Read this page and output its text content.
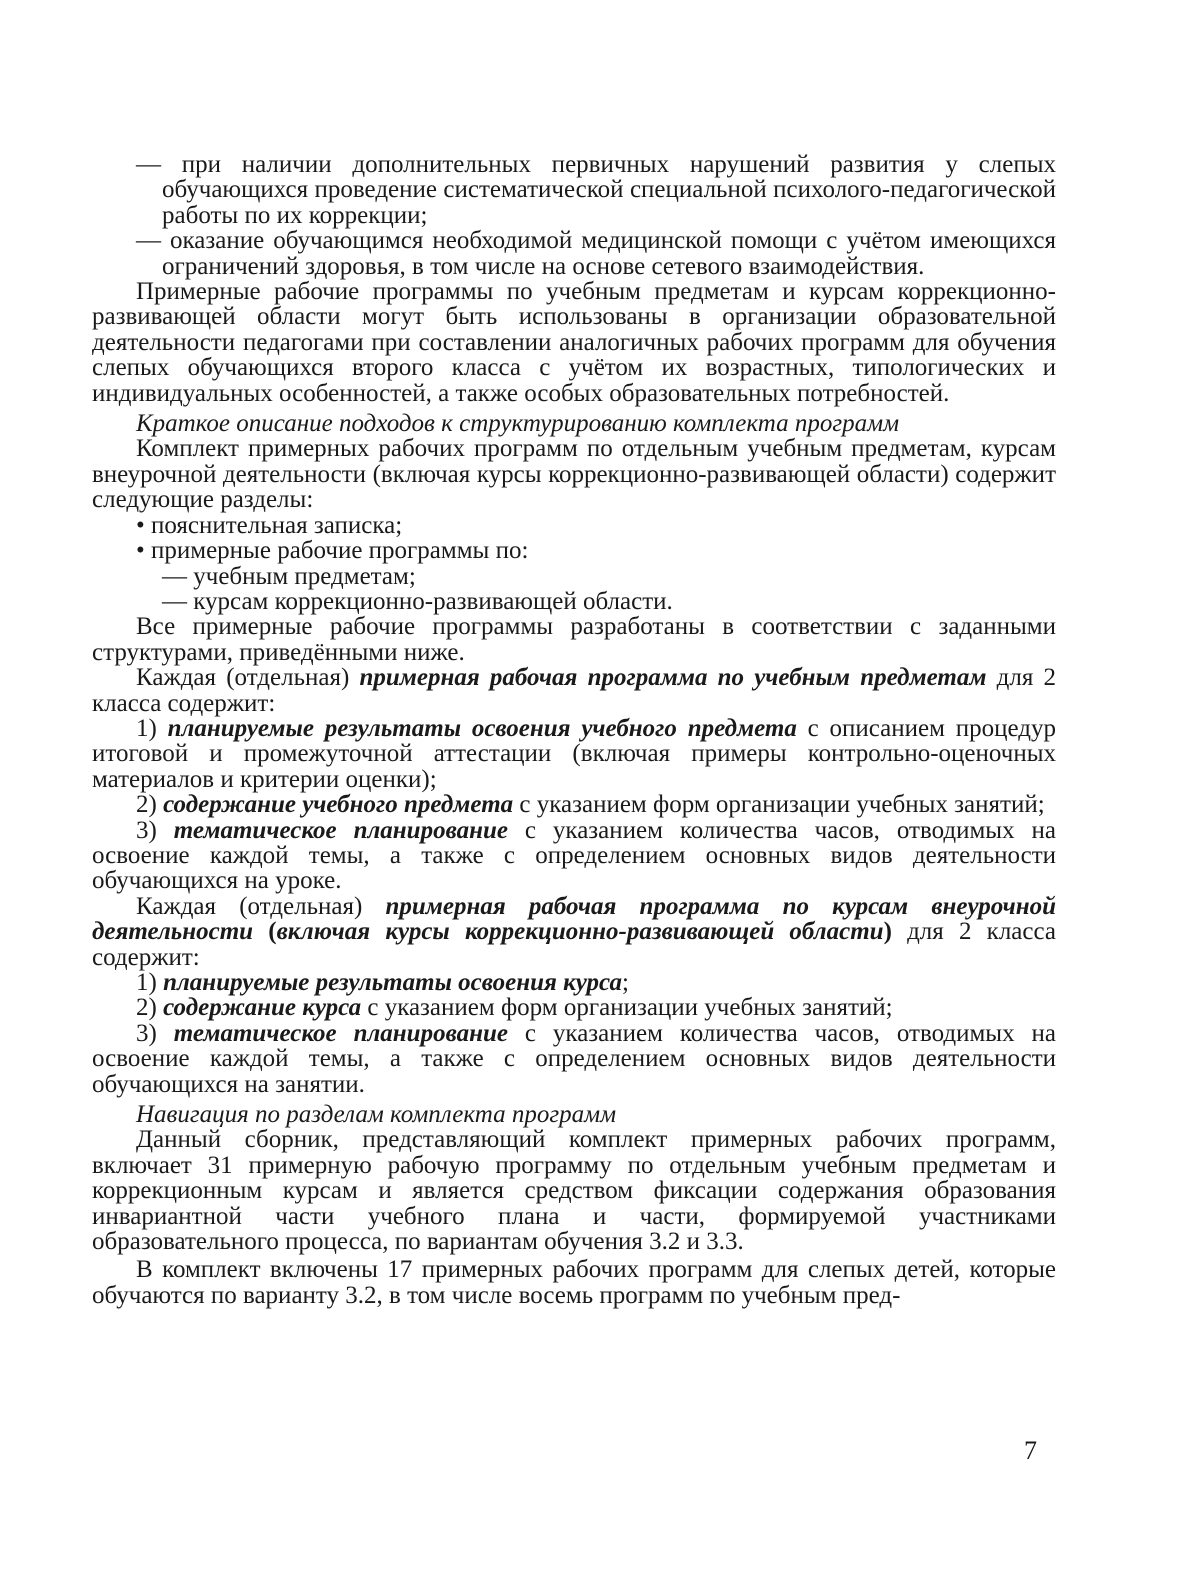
— при наличии дополнительных первичных нарушений развития у слепых обучающихся проведение систематической специальной психолого-педагогической работы по их коррекции;

— оказание обучающимся необходимой медицинской помощи с учётом имеющихся ограничений здоровья, в том числе на основе сетевого взаимодействия.

Примерные рабочие программы по учебным предметам и курсам коррекционно-развивающей области могут быть использованы в организации образовательной деятельности педагогами при составлении аналогичных рабочих программ для обучения слепых обучающихся второго класса с учётом их возрастных, типологических и индивидуальных особенностей, а также особых образовательных потребностей.

Краткое описание подходов к структурированию комплекта программ

Комплект примерных рабочих программ по отдельным учебным предметам, курсам внеурочной деятельности (включая курсы коррекционно-развивающей области) содержит следующие разделы:

• пояснительная записка;

• примерные рабочие программы по:

— учебным предметам;

— курсам коррекционно-развивающей области.

Все примерные рабочие программы разработаны в соответствии с заданными структурами, приведёнными ниже.

Каждая (отдельная) примерная рабочая программа по учебным предметам для 2 класса содержит:

1) планируемые результаты освоения учебного предмета с описанием процедур итоговой и промежуточной аттестации (включая примеры контрольно-оценочных материалов и критерии оценки);

2) содержание учебного предмета с указанием форм организации учебных занятий;

3) тематическое планирование с указанием количества часов, отводимых на освоение каждой темы, а также с определением основных видов деятельности обучающихся на уроке.

Каждая (отдельная) примерная рабочая программа по курсам внеурочной деятельности (включая курсы коррекционно-развивающей области) для 2 класса содержит:

1) планируемые результаты освоения курса;

2) содержание курса с указанием форм организации учебных занятий;

3) тематическое планирование с указанием количества часов, отводимых на освоение каждой темы, а также с определением основных видов деятельности обучающихся на занятии.

Навигация по разделам комплекта программ

Данный сборник, представляющий комплект примерных рабочих программ, включает 31 примерную рабочую программу по отдельным учебным предметам и коррекционным курсам и является средством фиксации содержания образования инвариантной части учебного плана и части, формируемой участниками образовательного процесса, по вариантам обучения 3.2 и 3.3.

В комплект включены 17 примерных рабочих программ для слепых детей, которые обучаются по варианту 3.2, в том числе восемь программ по учебным пред-

7
